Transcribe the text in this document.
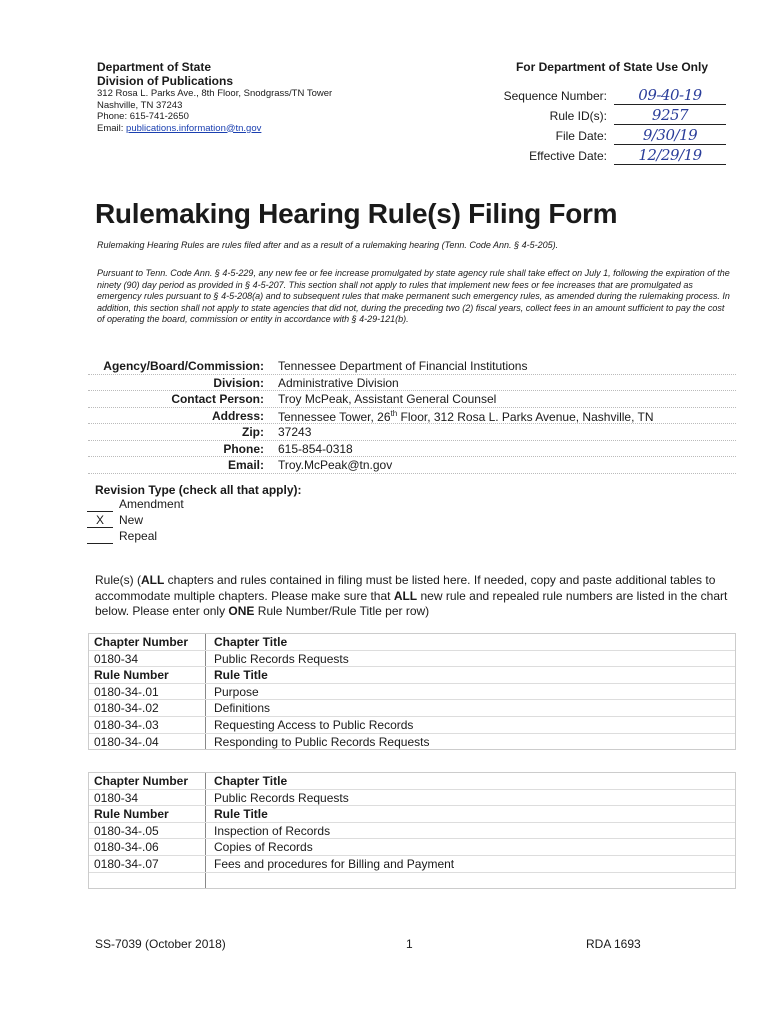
Department of State
Division of Publications
312 Rosa L. Parks Ave., 8th Floor, Snodgrass/TN Tower
Nashville, TN 37243
Phone: 615-741-2650
Email: publications.information@tn.gov
For Department of State Use Only
Sequence Number:	09-40-19
Rule ID(s):	9257
File Date:	9/30/19
Effective Date:	12/29/19
Rulemaking Hearing Rule(s) Filing Form
Rulemaking Hearing Rules are rules filed after and as a result of a rulemaking hearing (Tenn. Code Ann. § 4-5-205).
Pursuant to Tenn. Code Ann. § 4-5-229, any new fee or fee increase promulgated by state agency rule shall take effect on July 1, following the expiration of the ninety (90) day period as provided in § 4-5-207. This section shall not apply to rules that implement new fees or fee increases that are promulgated as emergency rules pursuant to § 4-5-208(a) and to subsequent rules that make permanent such emergency rules, as amended during the rulemaking process. In addition, this section shall not apply to state agencies that did not, during the preceding two (2) fiscal years, collect fees in an amount sufficient to pay the cost of operating the board, commission or entity in accordance with § 4-29-121(b).
Agency/Board/Commission: Tennessee Department of Financial Institutions
Division: Administrative Division
Contact Person: Troy McPeak, Assistant General Counsel
Address: Tennessee Tower, 26th Floor, 312 Rosa L. Parks Avenue, Nashville, TN
Zip: 37243
Phone: 615-854-0318
Email: Troy.McPeak@tn.gov
Revision Type (check all that apply):
Amendment
X	New
Repeal
Rule(s) (ALL chapters and rules contained in filing must be listed here. If needed, copy and paste additional tables to accommodate multiple chapters. Please make sure that ALL new rule and repealed rule numbers are listed in the chart below. Please enter only ONE Rule Number/Rule Title per row)
Chapter Number Chapter Title
0180-34	Public Records Requests
Rule Number	Rule Title
0180-34-.01	Purpose
0180-34-.02	Definitions
0180-34-.03	Requesting Access to Public Records
0180-34-.04	Responding to Public Records Requests
Chapter Number Chapter Title
0180-34	Public Records Requests
Rule Number	Rule Title
0180-34-.05	Inspection of Records
0180-34-.06	Copies of Records
0180-34-.07	Fees and procedures for Billing and Payment
SS-7039 (October 2018)	1	RDA 1693
